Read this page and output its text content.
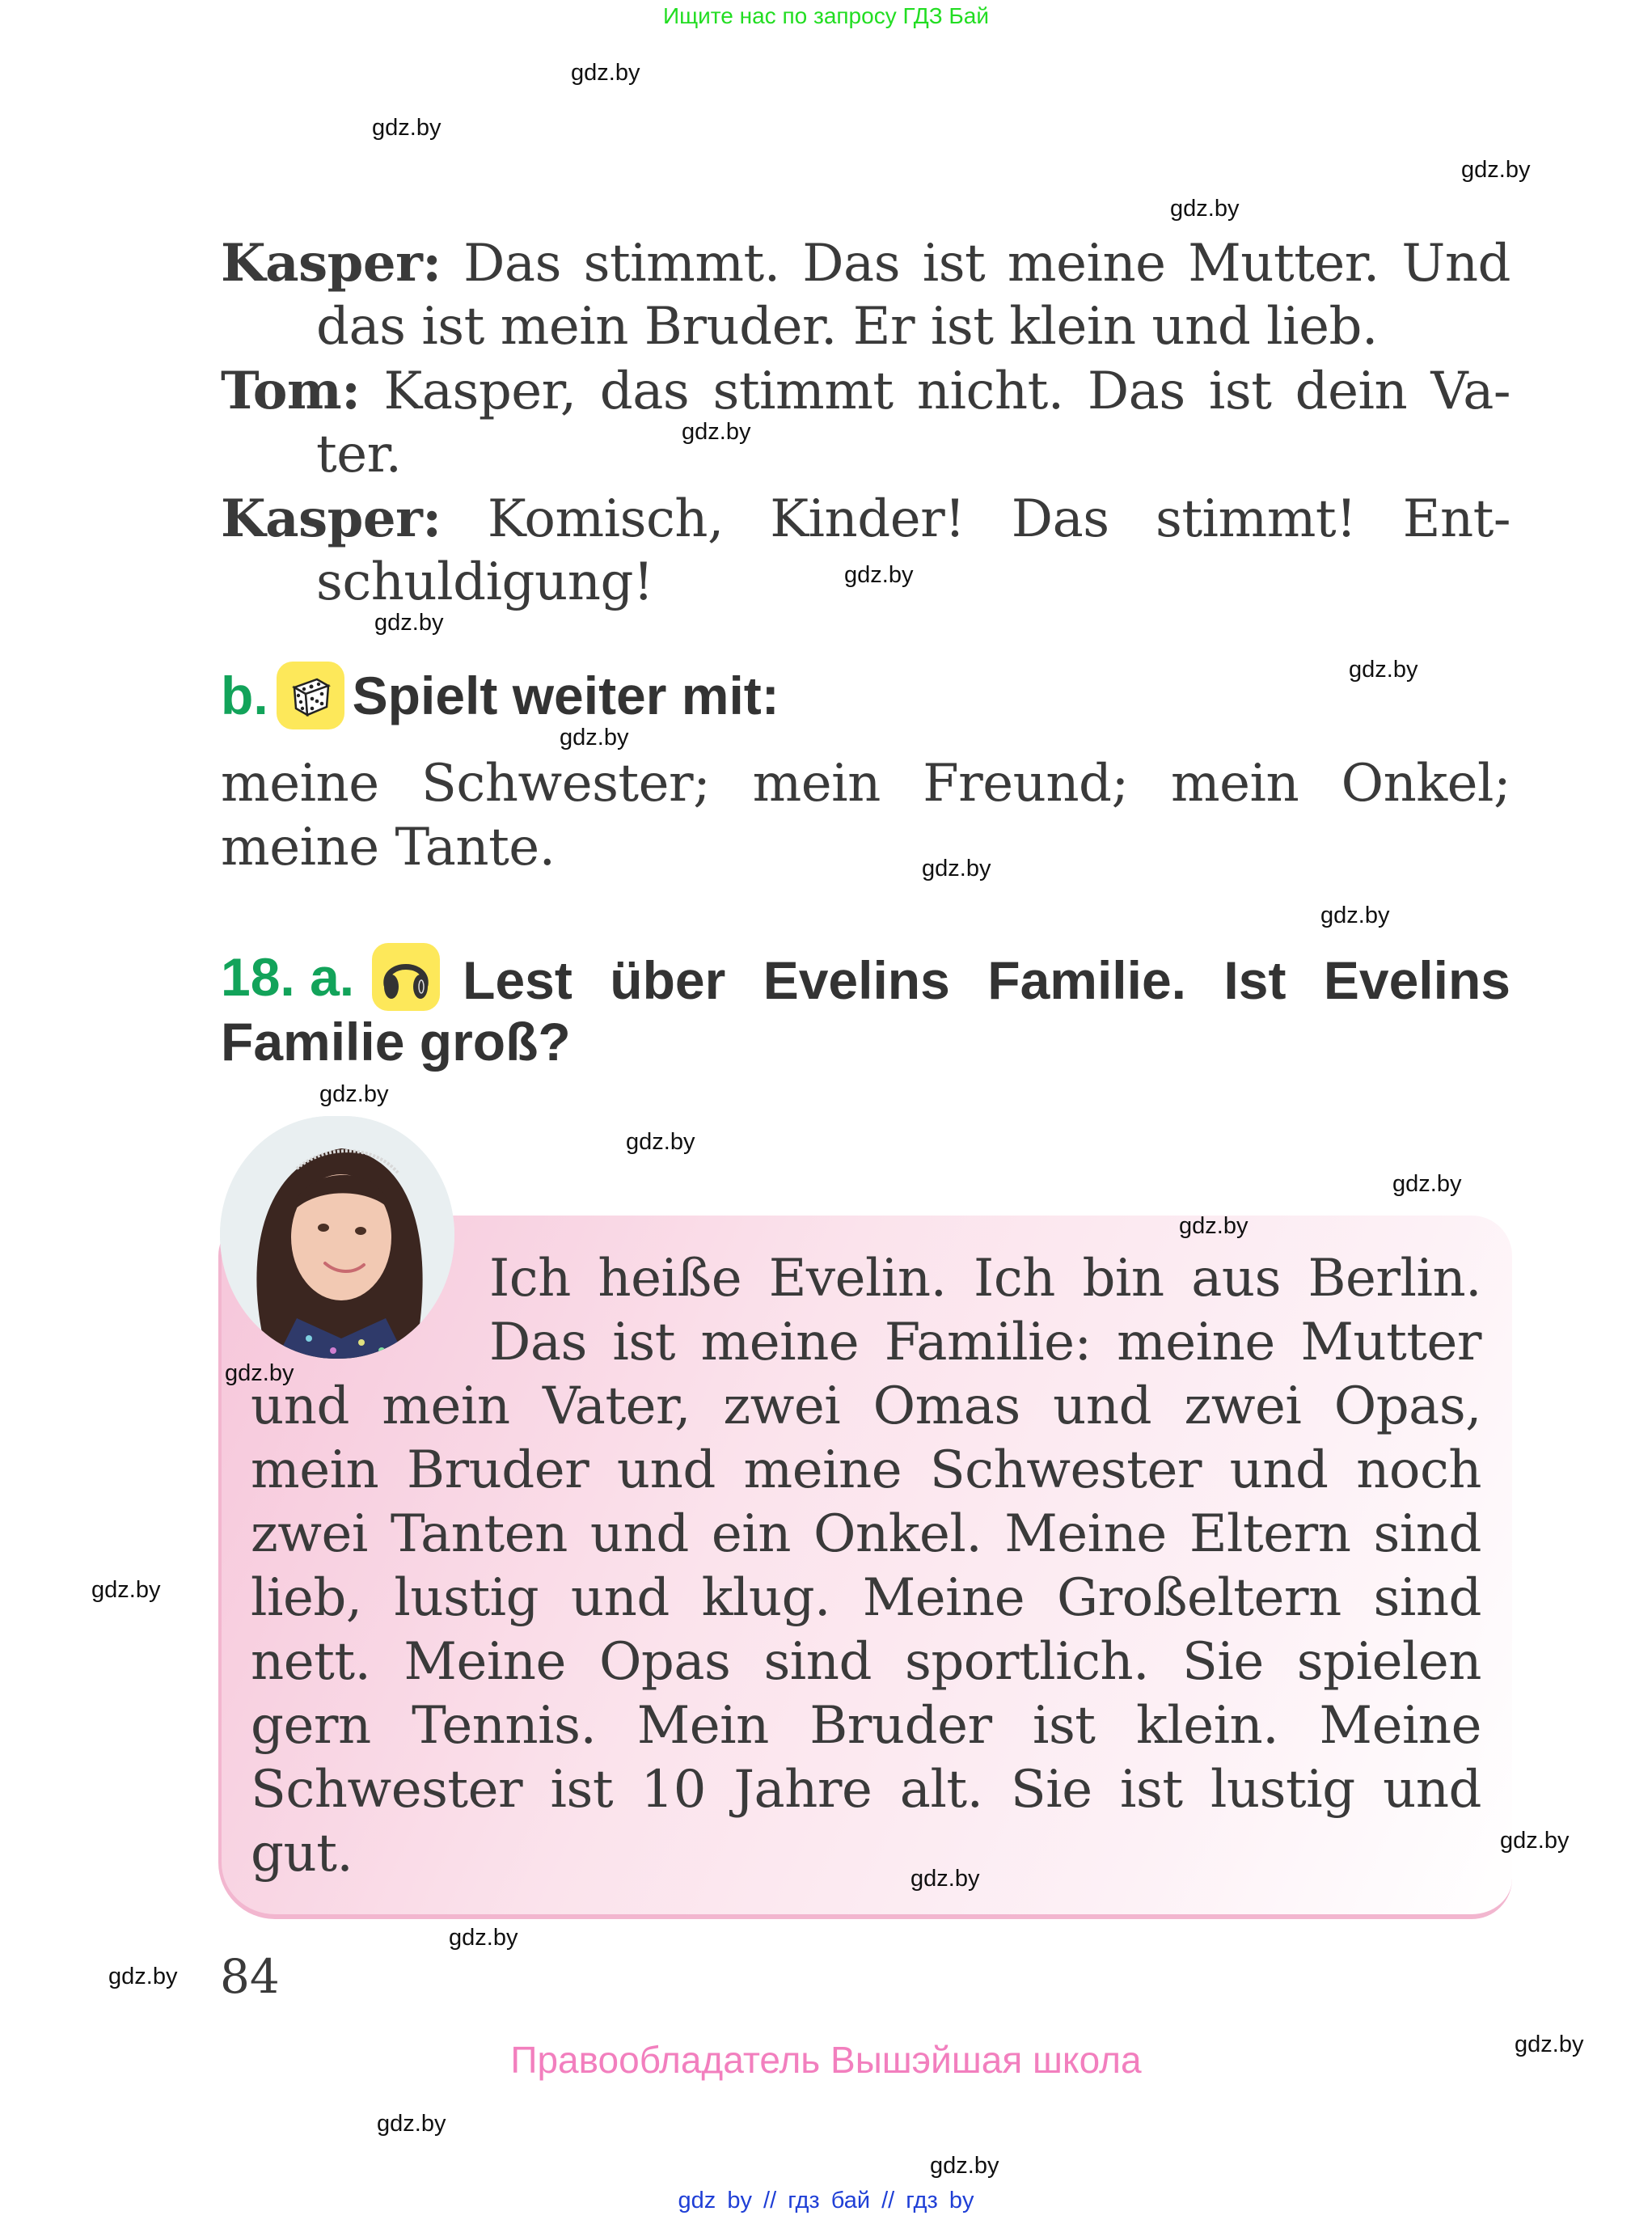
Ищите нас по запросу ГДЗ Бай
gdz.by
gdz.by
gdz.by
gdz.by
gdz.by
gdz.by
gdz.by
gdz.by
gdz.by
gdz.by
gdz.by
gdz.by
gdz.by
gdz.by
gdz.by
gdz.by
gdz.by
gdz.by
gdz.by
gdz.by
gdz.by
gdz.by
gdz.by
gdz.by
Kasper: Das stimmt. Das ist meine Mutter. Und
das ist mein Bruder. Er ist klein und lieb.
Tom: Kasper, das stimmt nicht. Das ist dein Va-
ter.
Kasper: Komisch, Kinder! Das stimmt! Ent-
schuldigung!
b. Spielt weiter mit:
meine Schwester; mein Freund; mein Onkel;
meine Tante.
18. a.	Lest über Evelins Familie. Ist Evelins
Familie groß?
Ich heiße Evelin. Ich bin aus Berlin.
Das ist meine Familie: meine Mutter
und mein Vater, zwei Omas und zwei Opas,
mein Bruder und meine Schwester und noch
zwei Tanten und ein Onkel. Meine Eltern sind
lieb, lustig und klug. Meine Großeltern sind
nett. Meine Opas sind sportlich. Sie spielen
gern Tennis. Mein Bruder ist klein. Meine
Schwester ist 10 Jahre alt. Sie ist lustig und
gut.
84
Правообладатель Вышэйшая школа
gdz by // гдз бай // гдз by
